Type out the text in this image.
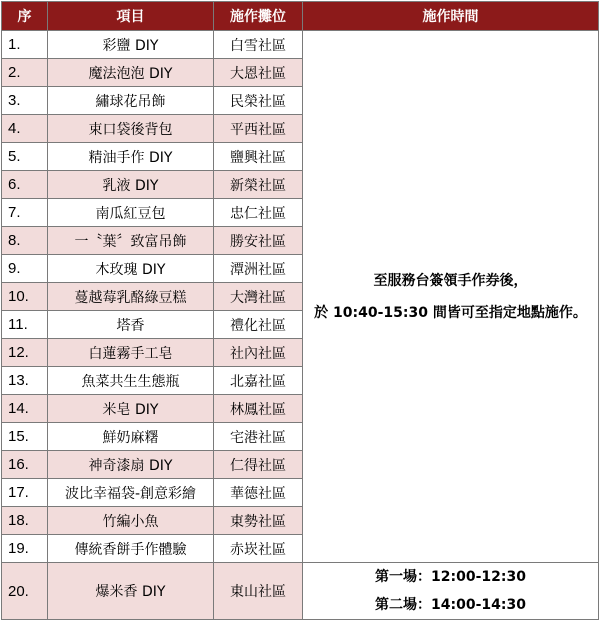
序	項目	施作攤位	施作時間
1.	彩鹽 DIY	白雪社區	至服務台簽領手作券後，
於 10:40-15:30 間皆可至指定地點施作。

2.	魔法泡泡 DIY	大恩社區	
3.	繡球花吊飾	民榮社區	
4.	束口袋後背包	平西社區	
5.	精油手作 DIY	鹽興社區	
6.	乳液 DIY	新榮社區	
7.	南瓜紅豆包	忠仁社區	
8.	一〝葉〞致富吊飾	勝安社區	
9.	木玫瑰 DIY	潭洲社區	
10.	蔓越莓乳酪綠豆糕	大灣社區	
11.	塔香	禮化社區	
12.	白蓮霧手工皂	社內社區	
13.	魚菜共生生態瓶	北嘉社區	
14.	米皂 DIY	林鳳社區	
15.	鮮奶麻糬	宅港社區	
16.	神奇漆扇 DIY	仁得社區	
17.	波比幸福袋-創意彩繪	華德社區	
18.	竹編小魚	東勢社區	
19.	傳統香餅手作體驗	赤崁社區	
20.	爆米香 DIY	東山社區	第一場：12:00-12:30
第二場：14:00-14:30
